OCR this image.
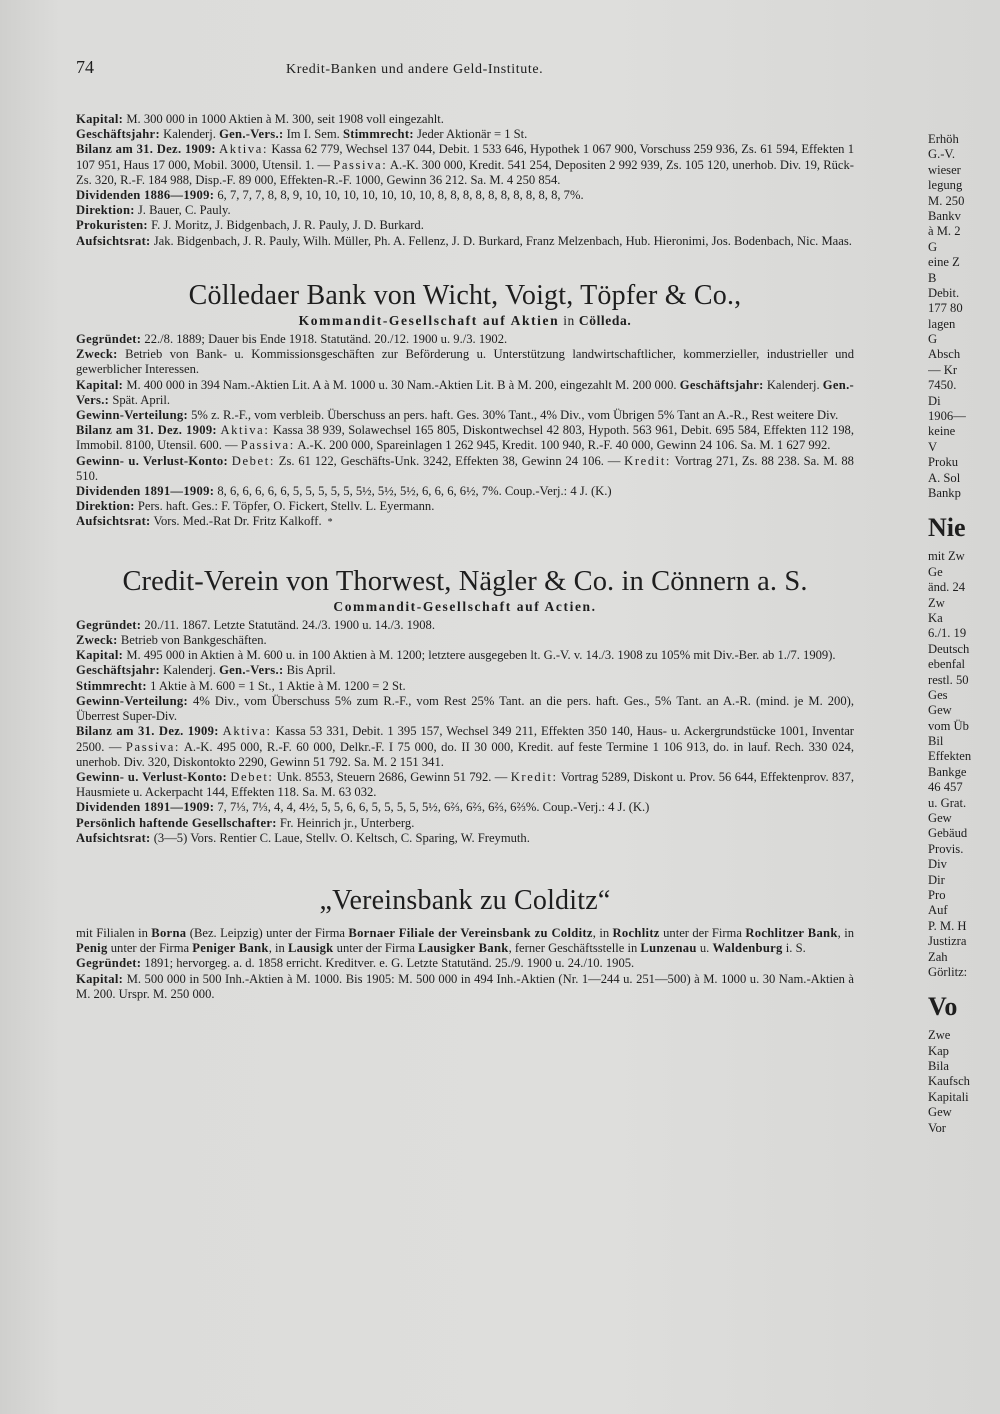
74	Kredit-Banken und andere Geld-Institute.

Kapital: M. 300 000 in 1000 Aktien à M. 300, seit 1908 voll eingezahlt.

Geschäftsjahr: Kalenderj. Gen.-Vers.: Im I. Sem. Stimmrecht: Jeder Aktionär = 1 St.

Bilanz am 31. Dez. 1909: Aktiva: Kassa 62 779, Wechsel 137 044, Debit. 1 533 646, Hypothek 1 067 900, Vorschuss 259 936, Zs. 61 594, Effekten 1 107 951, Haus 17 000, Mobil. 3000, Utensil. 1. — Passiva: A.-K. 300 000, Kredit. 541 254, Depositen 2 992 939, Zs. 105 120, unerhob. Div. 19, Rück-Zs. 320, R.-F. 184 988, Disp.-F. 89 000, Effekten-R.-F. 1000, Gewinn 36 212. Sa. M. 4 250 854.

Dividenden 1886—1909: 6, 7, 7, 7, 8, 8, 9, 10, 10, 10, 10, 10, 10, 10, 8, 8, 8, 8, 8, 8, 8, 8, 8, 8, 7%.

Direktion: J. Bauer, C. Pauly.

Prokuristen: F. J. Moritz, J. Bidgenbach, J. R. Pauly, J. D. Burkard.

Aufsichtsrat: Jak. Bidgenbach, J. R. Pauly, Wilh. Müller, Ph. A. Fellenz, J. D. Burkard, Franz Melzenbach, Hub. Hieronimi, Jos. Bodenbach, Nic. Maas.

Cölledaer Bank von Wicht, Voigt, Töpfer & Co.,
Kommandit-Gesellschaft auf Aktien in Cölleda.

Gegründet: 22./8. 1889; Dauer bis Ende 1918. Statutänd. 20./12. 1900 u. 9./3. 1902.

Zweck: Betrieb von Bank- u. Kommissionsgeschäften zur Beförderung u. Unterstützung landwirtschaftlicher, kommerzieller, industrieller und gewerblicher Interessen.

Kapital: M. 400 000 in 394 Nam.-Aktien Lit. A à M. 1000 u. 30 Nam.-Aktien Lit. B à M. 200, eingezahlt M. 200 000. Geschäftsjahr: Kalenderj. Gen.-Vers.: Spät. April.

Gewinn-Verteilung: 5% z. R.-F., vom verbleib. Überschuss an pers. haft. Ges. 30% Tant., 4% Div., vom Übrigen 5% Tant an A.-R., Rest weitere Div.

Bilanz am 31. Dez. 1909: Aktiva: Kassa 38 939, Solawechsel 165 805, Diskontwechsel 42 803, Hypoth. 563 961, Debit. 695 584, Effekten 112 198, Immobil. 8100, Utensil. 600. — Passiva: A.-K. 200 000, Spareinlagen 1 262 945, Kredit. 100 940, R.-F. 40 000, Gewinn 24 106. Sa. M. 1 627 992.

Gewinn- u. Verlust-Konto: Debet: Zs. 61 122, Geschäfts-Unk. 3242, Effekten 38, Gewinn 24 106. — Kredit: Vortrag 271, Zs. 88 238. Sa. M. 88 510.

Dividenden 1891—1909: 8, 6, 6, 6, 6, 6, 5, 5, 5, 5, 5, 5½, 5½, 5½, 6, 6, 6, 6½, 7%. Coup.-Verj.: 4 J. (K.)

Direktion: Pers. haft. Ges.: F. Töpfer, O. Fickert, Stellv. L. Eyermann.

Aufsichtsrat: Vors. Med.-Rat Dr. Fritz Kalkoff. *

Credit-Verein von Thorwest, Nägler & Co. in Cönnern a. S.
Commandit-Gesellschaft auf Actien.

Gegründet: 20./11. 1867. Letzte Statutänd. 24./3. 1900 u. 14./3. 1908.

Zweck: Betrieb von Bankgeschäften.

Kapital: M. 495 000 in Aktien à M. 600 u. in 100 Aktien à M. 1200; letztere ausgegeben lt. G.-V. v. 14./3. 1908 zu 105% mit Div.-Ber. ab 1./7. 1909).

Geschäftsjahr: Kalenderj. Gen.-Vers.: Bis April.

Stimmrecht: 1 Aktie à M. 600 = 1 St., 1 Aktie à M. 1200 = 2 St.

Gewinn-Verteilung: 4% Div., vom Überschuss 5% zum R.-F., vom Rest 25% Tant. an die pers. haft. Ges., 5% Tant. an A.-R. (mind. je M. 200), Überrest Super-Div.

Bilanz am 31. Dez. 1909: Aktiva: Kassa 53 331, Debit. 1 395 157, Wechsel 349 211, Effekten 350 140, Haus- u. Ackergrundstücke 1001, Inventar 2500. — Passiva: A.-K. 495 000, R.-F. 60 000, Delkr.-F. I 75 000, do. II 30 000, Kredit. auf feste Termine 1 106 913, do. in lauf. Rech. 330 024, unerhob. Div. 320, Diskontokto 2290, Gewinn 51 792. Sa. M. 2 151 341.

Gewinn- u. Verlust-Konto: Debet: Unk. 8553, Steuern 2686, Gewinn 51 792. — Kredit: Vortrag 5289, Diskont u. Prov. 56 644, Effektenprov. 837, Hausmiete u. Ackerpacht 144, Effekten 118. Sa. M. 63 032.

Dividenden 1891—1909: 7, 7⅓, 7⅓, 4, 4, 4½, 5, 5, 6, 6, 5, 5, 5, 5, 5½, 6⅔, 6⅔, 6⅔, 6⅔%. Coup.-Verj.: 4 J. (K.)

Persönlich haftende Gesellschafter: Fr. Heinrich jr., Unterberg.

Aufsichtsrat: (3—5) Vors. Rentier C. Laue, Stellv. O. Keltsch, C. Sparing, W. Freymuth.

„Vereinsbank zu Colditz“

mit Filialen in Borna (Bez. Leipzig) unter der Firma Bornaer Filiale der Vereinsbank zu Colditz, in Rochlitz unter der Firma Rochlitzer Bank, in Penig unter der Firma Peniger Bank, in Lausigk unter der Firma Lausigker Bank, ferner Geschäftsstelle in Lunzenau u. Waldenburg i. S.

Gegründet: 1891; hervorgeg. a. d. 1858 erricht. Kreditver. e. G. Letzte Statutänd. 25./9. 1900 u. 24./10. 1905.

Kapital: M. 500 000 in 500 Inh.-Aktien à M. 1000. Bis 1905: M. 500 000 in 494 Inh.-Aktien (Nr. 1—244 u. 251—500) à M. 1000 u. 30 Nam.-Aktien à M. 200. Urspr. M. 250 000.

Erhöh
G.-V.
wieser
legung
M. 250
Bankv
à M. 2
G
eine Z
B
Debit.
177 80
lagen
G
Absch
— Kr
7450.
Di
1906—
keine
V
Proku
A. Sol
Bankp
Nie
mit Zw
Ge
änd. 24
Zw
Ka
6./1. 19
Deutsch
ebenfal
restl. 50
Ges
Gew
vom Üb
Bil
Effekten
Bankge
46 457
u. Grat.
Gew
Gebäud
Provis.
Div
Dir
Pro
Auf
P. M. H
Justizra
Zah
Görlitz:
Vo
Zwe
Kap
Bila
Kaufsch
Kapitali
Gew
Vor
